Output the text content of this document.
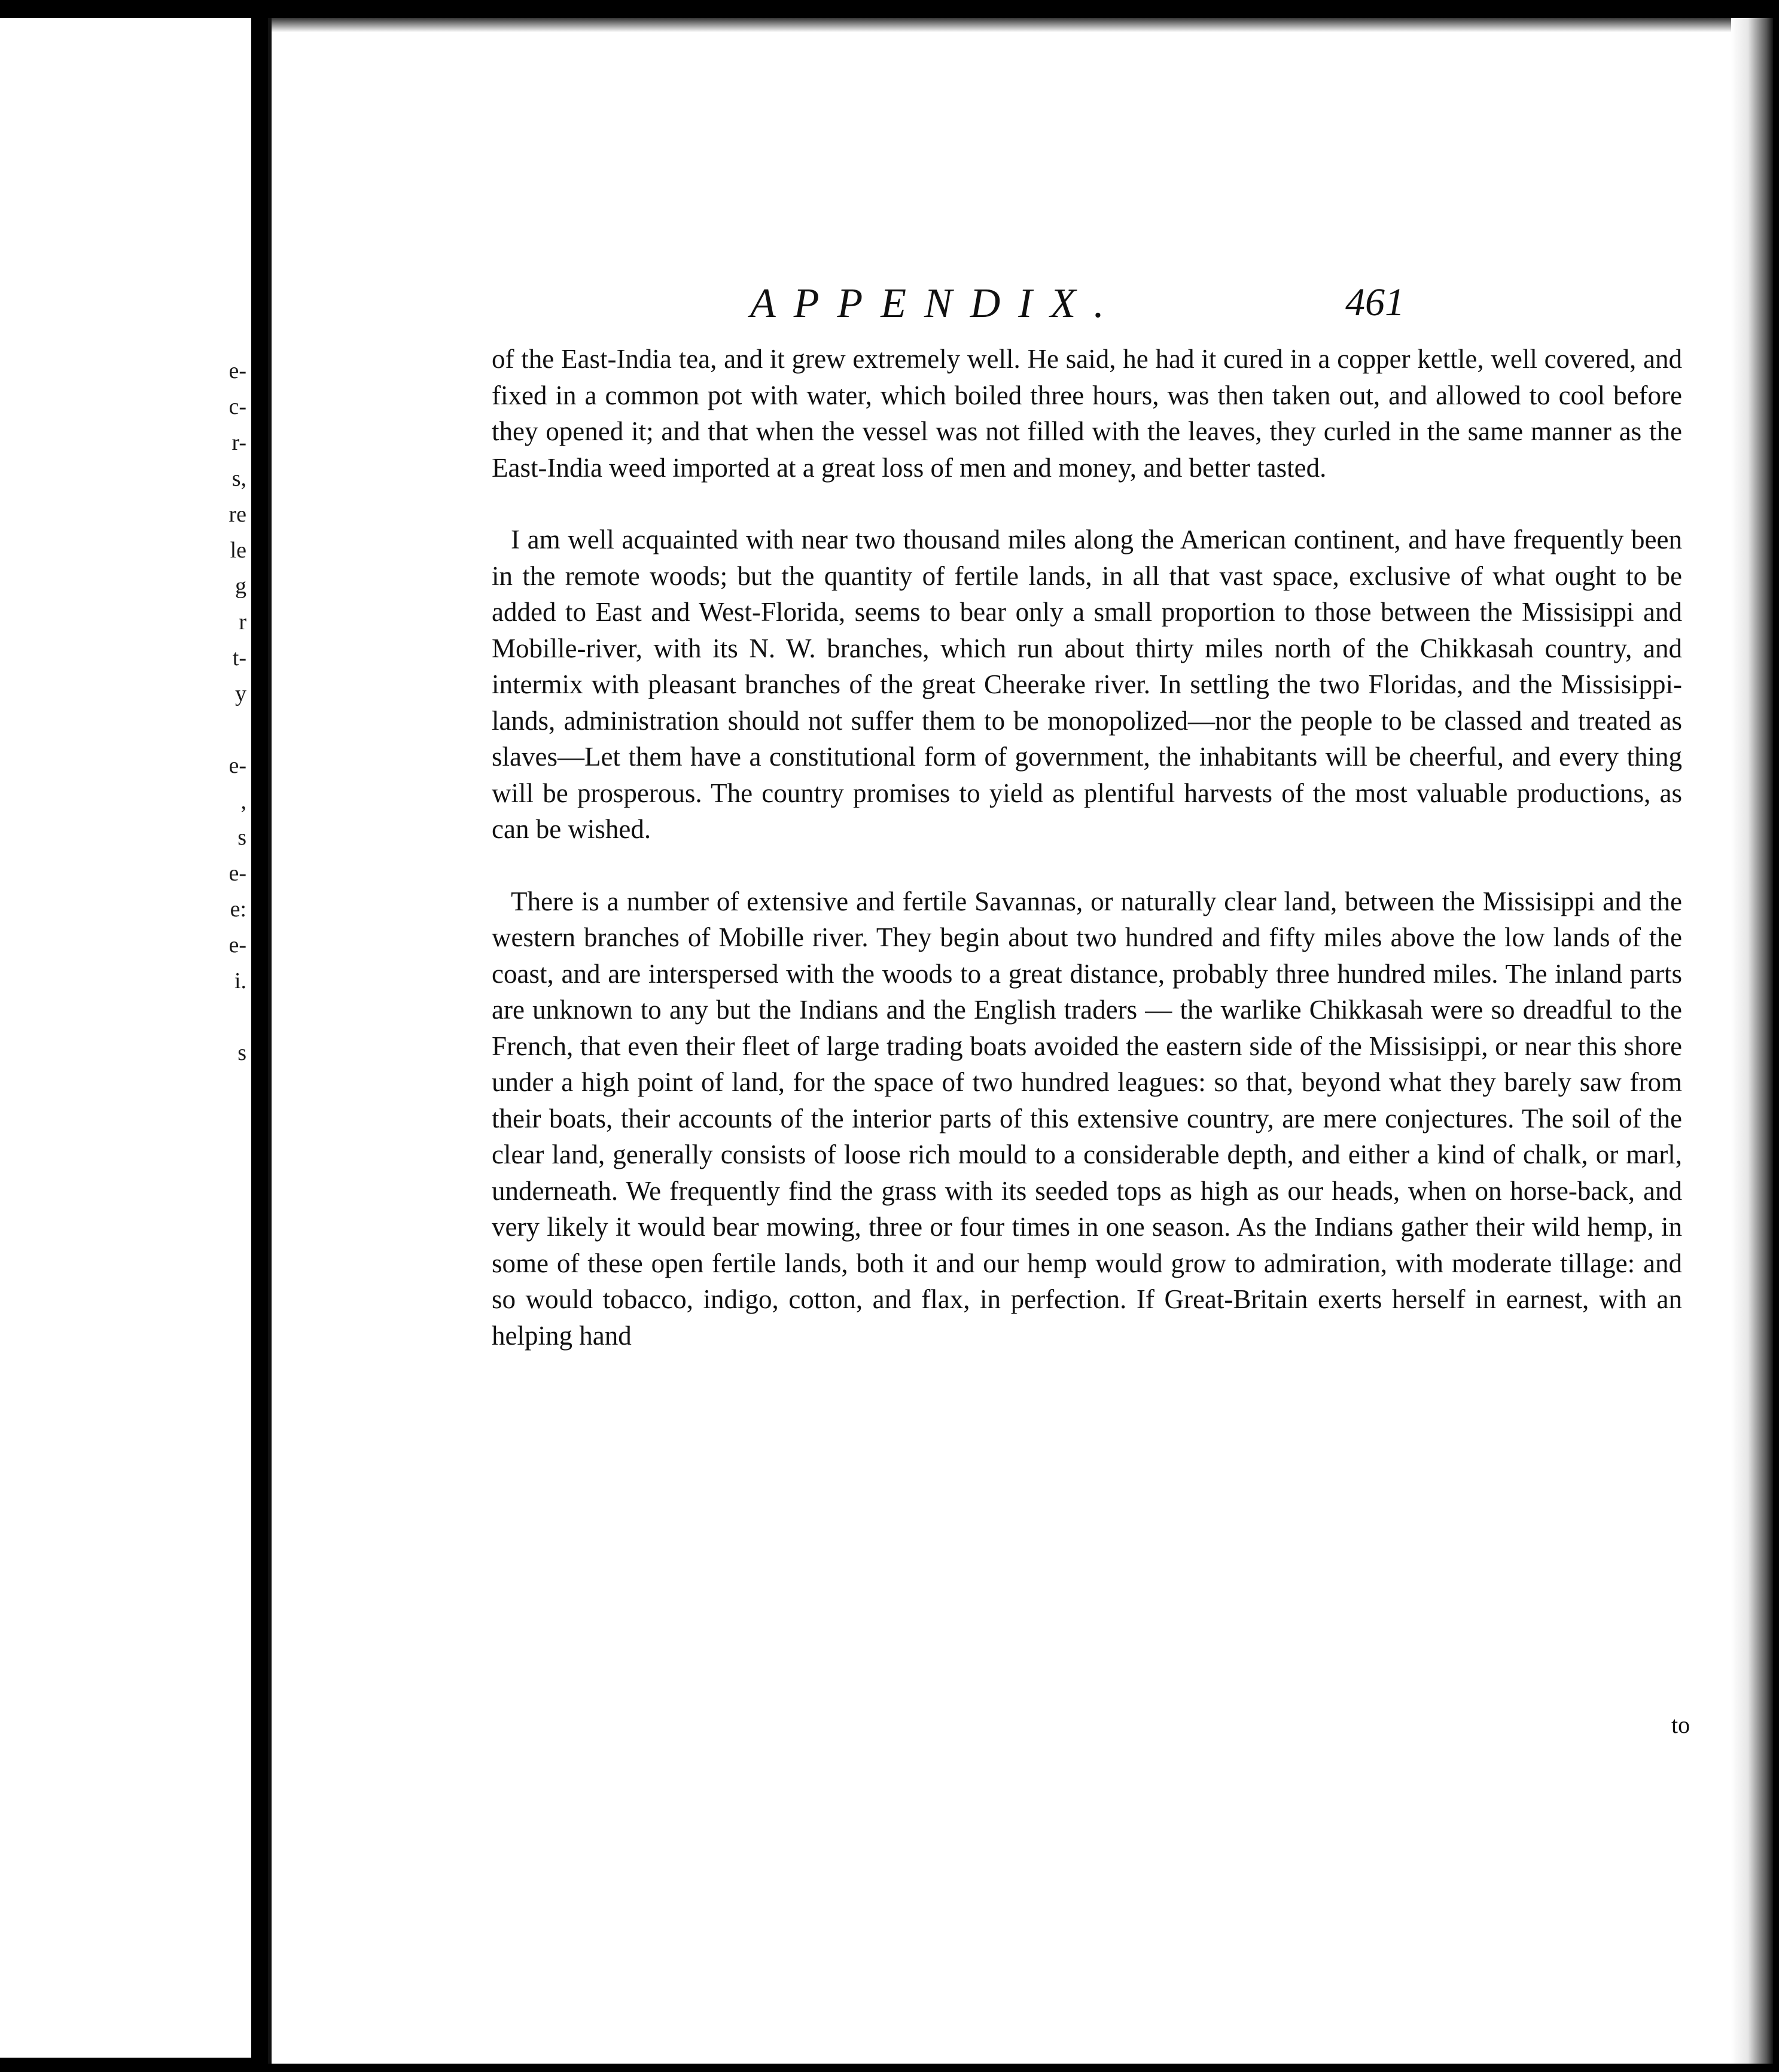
e-
c-
r-
s,
re
le
g
r
t-
y
e-
,
s
e-
e:
e-
i.
s
APPENDIX.	461

of the East-India tea, and it grew extremely well. He said, he had it cured in a copper kettle, well covered, and fixed in a common pot with water, which boiled three hours, was then taken out, and allowed to cool before they opened it; and that when the vessel was not filled with the leaves, they curled in the same manner as the East-India weed imported at a great loss of men and money, and better tasted.

I am well acquainted with near two thousand miles along the American continent, and have frequently been in the remote woods; but the quantity of fertile lands, in all that vast space, exclusive of what ought to be added to East and West-Florida, seems to bear only a small proportion to those between the Missisippi and Mobille-river, with its N. W. branches, which run about thirty miles north of the Chikkasah country, and intermix with pleasant branches of the great Cheerake river. In settling the two Floridas, and the Missisippi-lands, administration should not suffer them to be monopolized—nor the people to be classed and treated as slaves—Let them have a constitutional form of government, the inhabitants will be cheerful, and every thing will be prosperous. The country promises to yield as plentiful harvests of the most valuable productions, as can be wished.

There is a number of extensive and fertile Savannas, or naturally clear land, between the Missisippi and the western branches of Mobille river. They begin about two hundred and fifty miles above the low lands of the coast, and are interspersed with the woods to a great distance, probably three hundred miles. The inland parts are unknown to any but the Indians and the English traders — the warlike Chikkasah were so dreadful to the French, that even their fleet of large trading boats avoided the eastern side of the Missisippi, or near this shore under a high point of land, for the space of two hundred leagues: so that, beyond what they barely saw from their boats, their accounts of the interior parts of this extensive country, are mere conjectures. The soil of the clear land, generally consists of loose rich mould to a considerable depth, and either a kind of chalk, or marl, underneath. We frequently find the grass with its seeded tops as high as our heads, when on horse-back, and very likely it would bear mowing, three or four times in one season. As the Indians gather their wild hemp, in some of these open fertile lands, both it and our hemp would grow to admiration, with moderate tillage: and so would tobacco, indigo, cotton, and flax, in perfection. If Great-Britain exerts herself in earnest, with an helping hand

to
